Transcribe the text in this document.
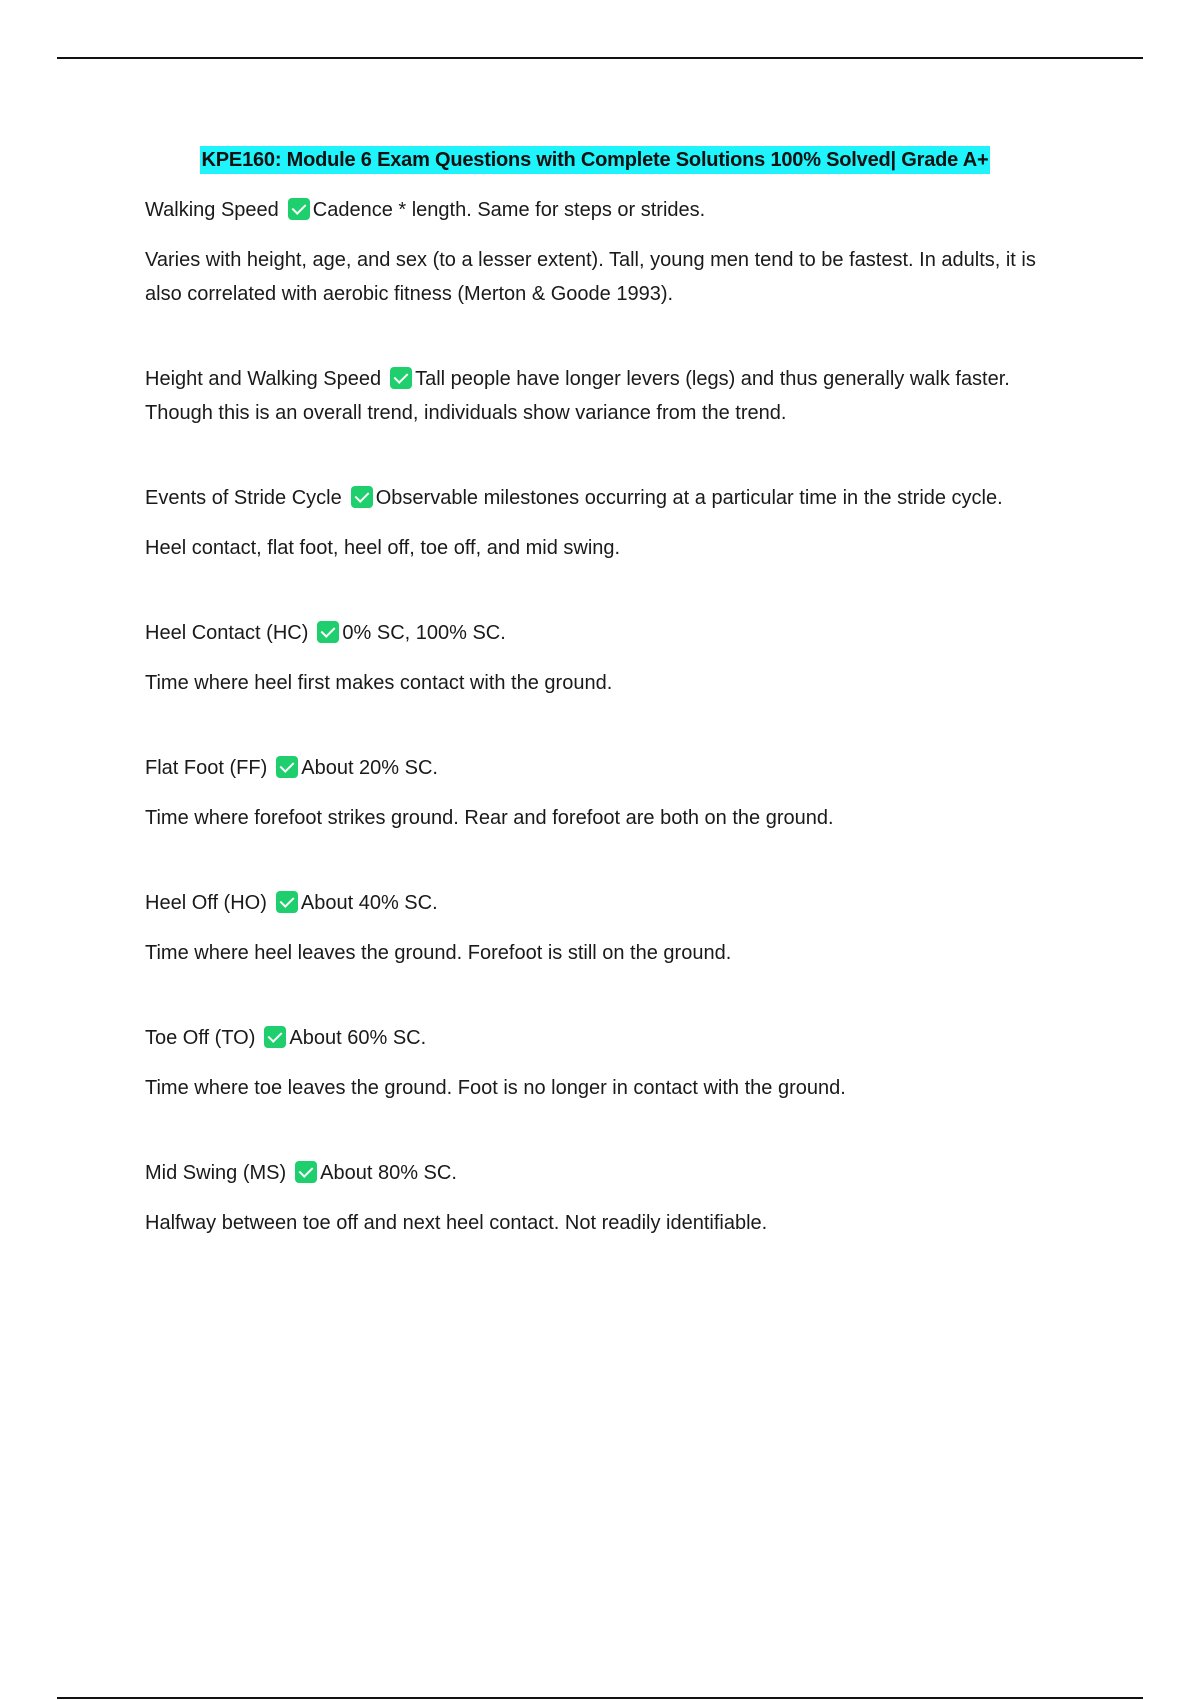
KPE160: Module 6 Exam Questions with Complete Solutions 100% Solved| Grade A+

Walking Speed Cadence * length. Same for steps or strides.

Varies with height, age, and sex (to a lesser extent). Tall, young men tend to be fastest. In adults, it is also correlated with aerobic fitness (Merton & Goode 1993).

Height and Walking Speed Tall people have longer levers (legs) and thus generally walk faster. Though this is an overall trend, individuals show variance from the trend.

Events of Stride Cycle Observable milestones occurring at a particular time in the stride cycle.

Heel contact, flat foot, heel off, toe off, and mid swing.

Heel Contact (HC) 0% SC, 100% SC.

Time where heel first makes contact with the ground.

Flat Foot (FF) About 20% SC.

Time where forefoot strikes ground. Rear and forefoot are both on the ground.

Heel Off (HO) About 40% SC.

Time where heel leaves the ground. Forefoot is still on the ground.

Toe Off (TO) About 60% SC.

Time where toe leaves the ground. Foot is no longer in contact with the ground.

Mid Swing (MS) About 80% SC.

Halfway between toe off and next heel contact. Not readily identifiable.
